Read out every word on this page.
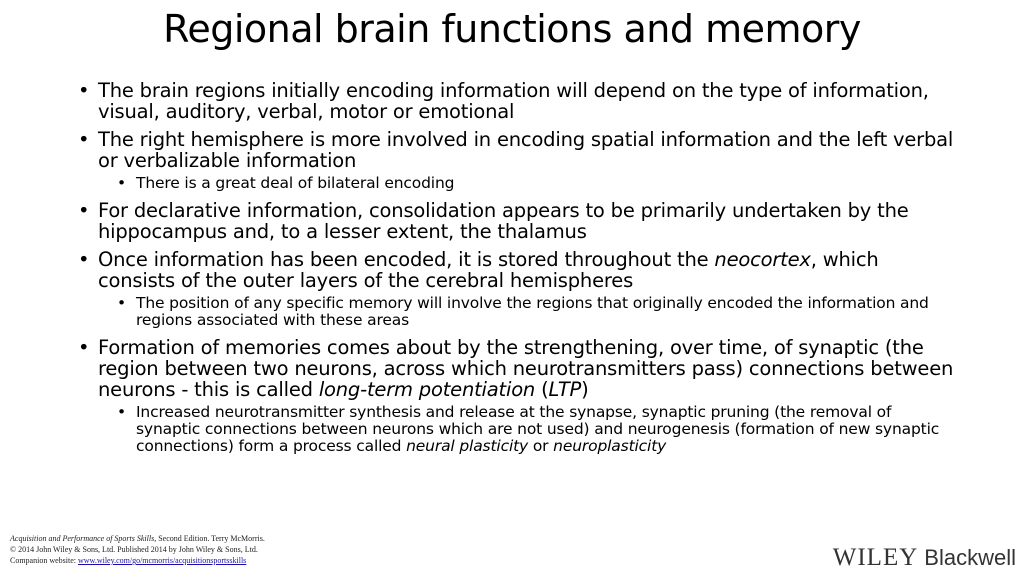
Regional brain functions and memory
• The brain regions initially encoding information will depend on the type of information, visual, auditory, verbal, motor or emotional
• The right hemisphere is more involved in encoding spatial information and the left verbal or verbalizable information
• There is a great deal of bilateral encoding
• For declarative information, consolidation appears to be primarily undertaken by the hippocampus and, to a lesser extent, the thalamus
• Once information has been encoded, it is stored throughout the neocortex, which consists of the outer layers of the cerebral hemispheres
• The position of any specific memory will involve the regions that originally encoded the information and regions associated with these areas
• Formation of memories comes about by the strengthening, over time, of synaptic (the region between two neurons, across which neurotransmitters pass) connections between neurons - this is called long-term potentiation (LTP)
• Increased neurotransmitter synthesis and release at the synapse, synaptic pruning (the removal of synaptic connections between neurons which are not used) and neurogenesis (formation of new synaptic connections) form a process called neural plasticity or neuroplasticity
Acquisition and Performance of Sports Skills, Second Edition. Terry McMorris.
© 2014 John Wiley & Sons, Ltd. Published 2014 by John Wiley & Sons, Ltd.
Companion website: www.wiley.com/go/mcmorris/acquisitionsportsskills	WILEY Blackwell
